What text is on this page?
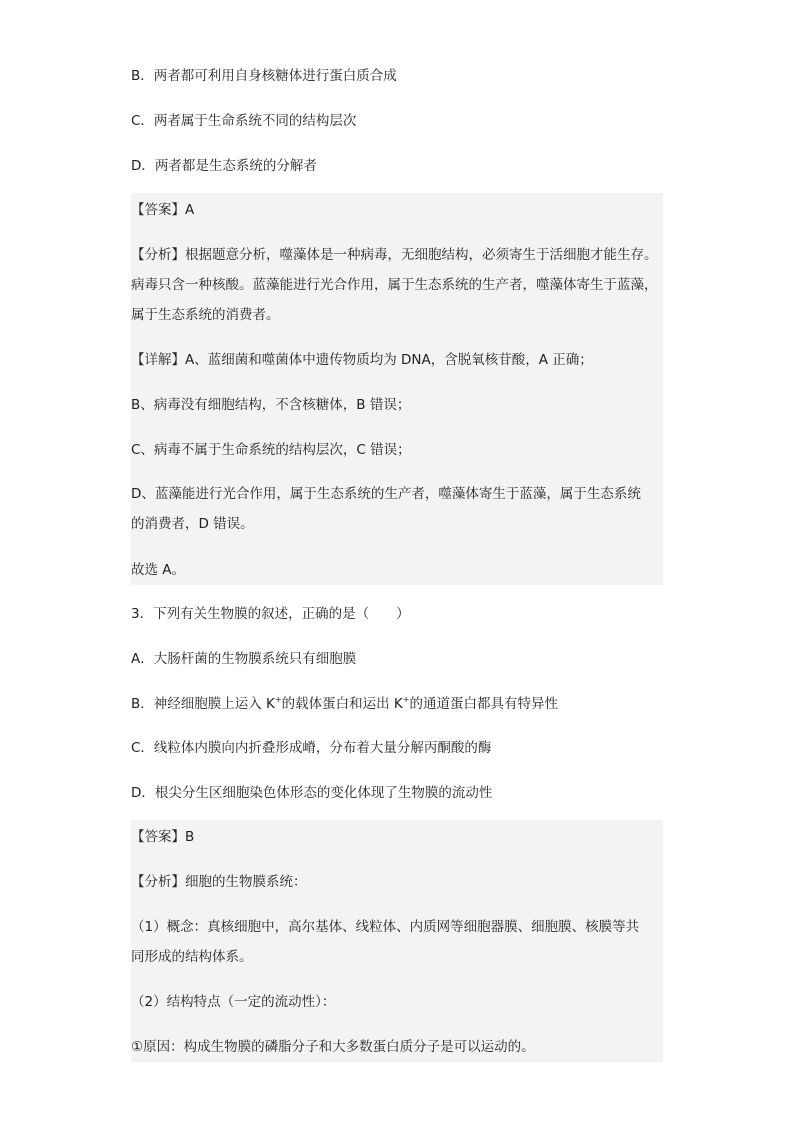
B．两者都可利用自身核糖体进行蛋白质合成
C．两者属于生命系统不同的结构层次
D．两者都是生态系统的分解者
【答案】A
【分析】根据题意分析，噬藻体是一种病毒，无细胞结构，必须寄生于活细胞才能生存。
病毒只含一种核酸。蓝藻能进行光合作用，属于生态系统的生产者，噬藻体寄生于蓝藻，
属于生态系统的消费者。
【详解】A、蓝细菌和噬菌体中遗传物质均为 DNA，含脱氧核苷酸，A 正确；
B、病毒没有细胞结构，不含核糖体，B 错误；
C、病毒不属于生命系统的结构层次，C 错误；
D、蓝藻能进行光合作用，属于生态系统的生产者，噬藻体寄生于蓝藻，属于生态系统
的消费者，D 错误。
故选 A。
3．下列有关生物膜的叙述，正确的是（　　）
A．大肠杆菌的生物膜系统只有细胞膜
B．神经细胞膜上运入 K+的载体蛋白和运出 K+的通道蛋白都具有特异性
C．线粒体内膜向内折叠形成嵴，分布着大量分解丙酮酸的酶
D．根尖分生区细胞染色体形态的变化体现了生物膜的流动性
【答案】B
【分析】细胞的生物膜系统：
（1）概念：真核细胞中，高尔基体、线粒体、内质网等细胞器膜、细胞膜、核膜等共
同形成的结构体系。
（2）结构特点（一定的流动性）：
①原因：构成生物膜的磷脂分子和大多数蛋白质分子是可以运动的。
